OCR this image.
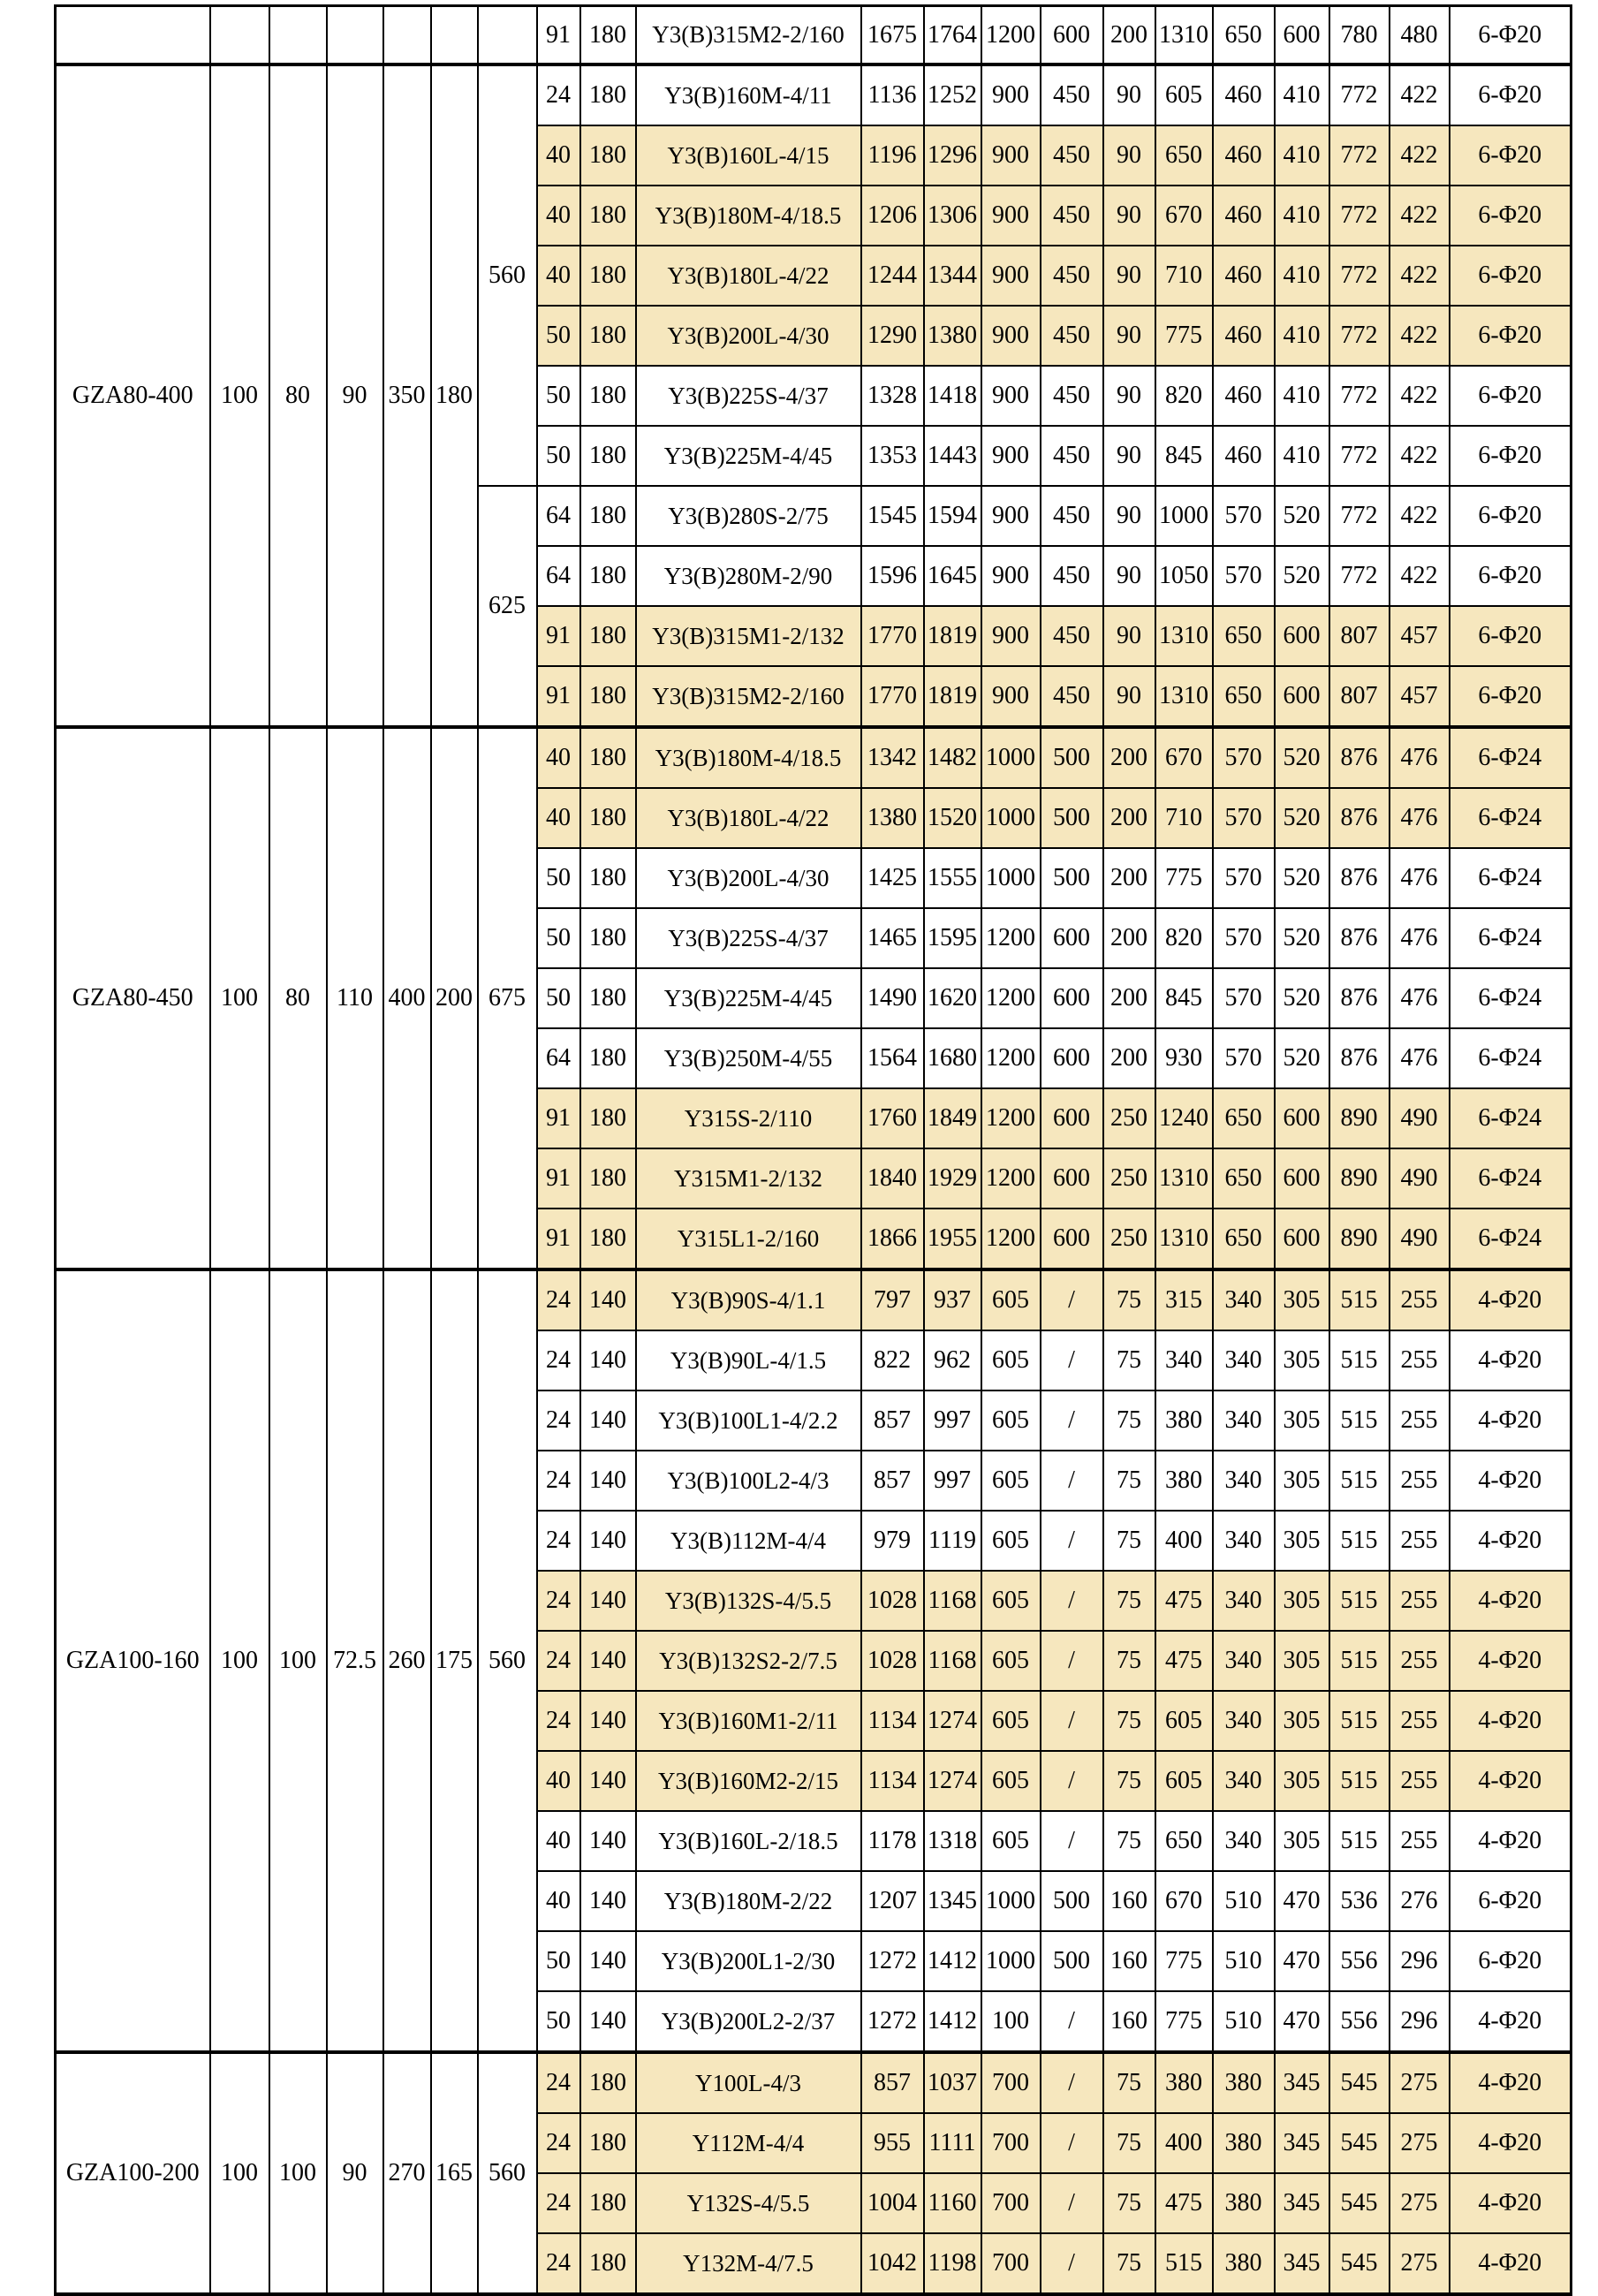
							91	180	Y3(B)315M2-2/160	1675	1764	1200	600	200	1310	650	600	780	480	6-Φ20
GZA80-400	100	80	90	350	180	560	24	180	Y3(B)160M-4/11	1136	1252	900	450	90	605	460	410	772	422	6-Φ20
							40	180	Y3(B)160L-4/15	1196	1296	900	450	90	650	460	410	772	422	6-Φ20
							40	180	Y3(B)180M-4/18.5	1206	1306	900	450	90	670	460	410	772	422	6-Φ20
							40	180	Y3(B)180L-4/22	1244	1344	900	450	90	710	460	410	772	422	6-Φ20
							50	180	Y3(B)200L-4/30	1290	1380	900	450	90	775	460	410	772	422	6-Φ20
							50	180	Y3(B)225S-4/37	1328	1418	900	450	90	820	460	410	772	422	6-Φ20
							50	180	Y3(B)225M-4/45	1353	1443	900	450	90	845	460	410	772	422	6-Φ20
						625	64	180	Y3(B)280S-2/75	1545	1594	900	450	90	1000	570	520	772	422	6-Φ20
							64	180	Y3(B)280M-2/90	1596	1645	900	450	90	1050	570	520	772	422	6-Φ20
							91	180	Y3(B)315M1-2/132	1770	1819	900	450	90	1310	650	600	807	457	6-Φ20
							91	180	Y3(B)315M2-2/160	1770	1819	900	450	90	1310	650	600	807	457	6-Φ20
GZA80-450	100	80	110	400	200	675	40	180	Y3(B)180M-4/18.5	1342	1482	1000	500	200	670	570	520	876	476	6-Φ24
							40	180	Y3(B)180L-4/22	1380	1520	1000	500	200	710	570	520	876	476	6-Φ24
							50	180	Y3(B)200L-4/30	1425	1555	1000	500	200	775	570	520	876	476	6-Φ24
							50	180	Y3(B)225S-4/37	1465	1595	1200	600	200	820	570	520	876	476	6-Φ24
							50	180	Y3(B)225M-4/45	1490	1620	1200	600	200	845	570	520	876	476	6-Φ24
							64	180	Y3(B)250M-4/55	1564	1680	1200	600	200	930	570	520	876	476	6-Φ24
							91	180	Y315S-2/110	1760	1849	1200	600	250	1240	650	600	890	490	6-Φ24
							91	180	Y315M1-2/132	1840	1929	1200	600	250	1310	650	600	890	490	6-Φ24
							91	180	Y315L1-2/160	1866	1955	1200	600	250	1310	650	600	890	490	6-Φ24
GZA100-160	100	100	72.5	260	175	560	24	140	Y3(B)90S-4/1.1	797	937	605	/	75	315	340	305	515	255	4-Φ20
							24	140	Y3(B)90L-4/1.5	822	962	605	/	75	340	340	305	515	255	4-Φ20
							24	140	Y3(B)100L1-4/2.2	857	997	605	/	75	380	340	305	515	255	4-Φ20
							24	140	Y3(B)100L2-4/3	857	997	605	/	75	380	340	305	515	255	4-Φ20
							24	140	Y3(B)112M-4/4	979	1119	605	/	75	400	340	305	515	255	4-Φ20
							24	140	Y3(B)132S-4/5.5	1028	1168	605	/	75	475	340	305	515	255	4-Φ20
							24	140	Y3(B)132S2-2/7.5	1028	1168	605	/	75	475	340	305	515	255	4-Φ20
							24	140	Y3(B)160M1-2/11	1134	1274	605	/	75	605	340	305	515	255	4-Φ20
							40	140	Y3(B)160M2-2/15	1134	1274	605	/	75	605	340	305	515	255	4-Φ20
							40	140	Y3(B)160L-2/18.5	1178	1318	605	/	75	650	340	305	515	255	4-Φ20
							40	140	Y3(B)180M-2/22	1207	1345	1000	500	160	670	510	470	536	276	6-Φ20
							50	140	Y3(B)200L1-2/30	1272	1412	1000	500	160	775	510	470	556	296	6-Φ20
							50	140	Y3(B)200L2-2/37	1272	1412	100	/	160	775	510	470	556	296	4-Φ20
GZA100-200	100	100	90	270	165	560	24	180	Y100L-4/3	857	1037	700	/	75	380	380	345	545	275	4-Φ20
							24	180	Y112M-4/4	955	1111	700	/	75	400	380	345	545	275	4-Φ20
							24	180	Y132S-4/5.5	1004	1160	700	/	75	475	380	345	545	275	4-Φ20
							24	180	Y132M-4/7.5	1042	1198	700	/	75	515	380	345	545	275	4-Φ20
